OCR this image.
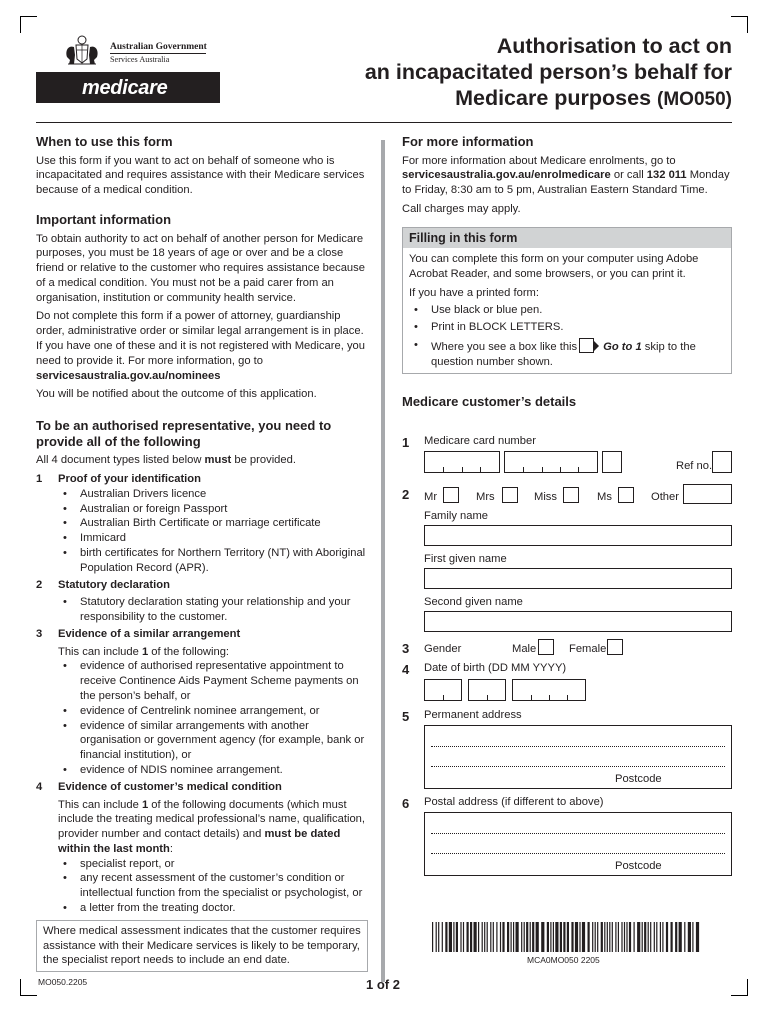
Australian Government
Services Australia
medicare
Authorisation to act on
an incapacitated person’s behalf for
Medicare purposes (MO050)
When to use this form

Use this form if you want to act on behalf of someone who is incapacitated and requires assistance with their Medicare services because of a medical condition.

Important information

To obtain authority to act on behalf of another person for Medicare purposes, you must be 18 years of age or over and be a close friend or relative to the customer who requires assistance because of a medical condition. You must not be a paid carer from an organisation, institution or community health service.

Do not complete this form if a power of attorney, guardianship order, administrative order or similar legal arrangement is in place.

If you have one of these and it is not registered with Medicare, you need to provide it. For more information, go to

servicesaustralia.gov.au/nominees

You will be notified about the outcome of this application.

To be an authorised representative, you need to provide all of the following

All 4 document types listed below must be provided.

1 Proof of your identification
• Australian Drivers licence
• Australian or foreign Passport
• Australian Birth Certificate or marriage certificate
• Immicard
• birth certificates for Northern Territory (NT) with Aboriginal Population Record (APR).
2 Statutory declaration
• Statutory declaration stating your relationship and your responsibility to the customer.
3 Evidence of a similar arrangement
This can include 1 of the following:
• evidence of authorised representative appointment to receive Continence Aids Payment Scheme payments on the person’s behalf, or
• evidence of Centrelink nominee arrangement, or
• evidence of similar arrangements with another organisation or government agency (for example, bank or financial institution), or
• evidence of NDIS nominee arrangement.
4 Evidence of customer’s medical condition
This can include 1 of the following documents (which must include the treating medical professional’s name, qualification, provider number and contact details) and must be dated within the last month:
• specialist report, or
• any recent assessment of the customer’s condition or intellectual function from the specialist or psychologist, or
• a letter from the treating doctor.
Where medical assessment indicates that the customer requires assistance with their Medicare services is likely to be temporary, the specialist report needs to include an end date.
For more information

For more information about Medicare enrolments, go to servicesaustralia.gov.au/enrolmedicare or call 132 011 Monday to Friday, 8:30 am to 5 pm, Australian Eastern Standard Time.

Call charges may apply.

Filling in this form

You can complete this form on your computer using Adobe Acrobat Reader, and some browsers, or you can print it.

If you have a printed form:

• Use black or blue pen.
• Print in BLOCK LETTERS.
• Where you see a box like this Go to 1 skip to the question number shown.
Medicare customer’s details
1 Medicare card number
Ref no.
2 Mr	Mrs	Miss	Ms	Other
Family name
First given name
Second given name
3 Gender	Male	Female
4 Date of birth (DD MM YYYY)
5 Permanent address
Postcode
6 Postal address (if different to above)
Postcode
MCA0MO050 2205
MO050.2205	1 of 2
